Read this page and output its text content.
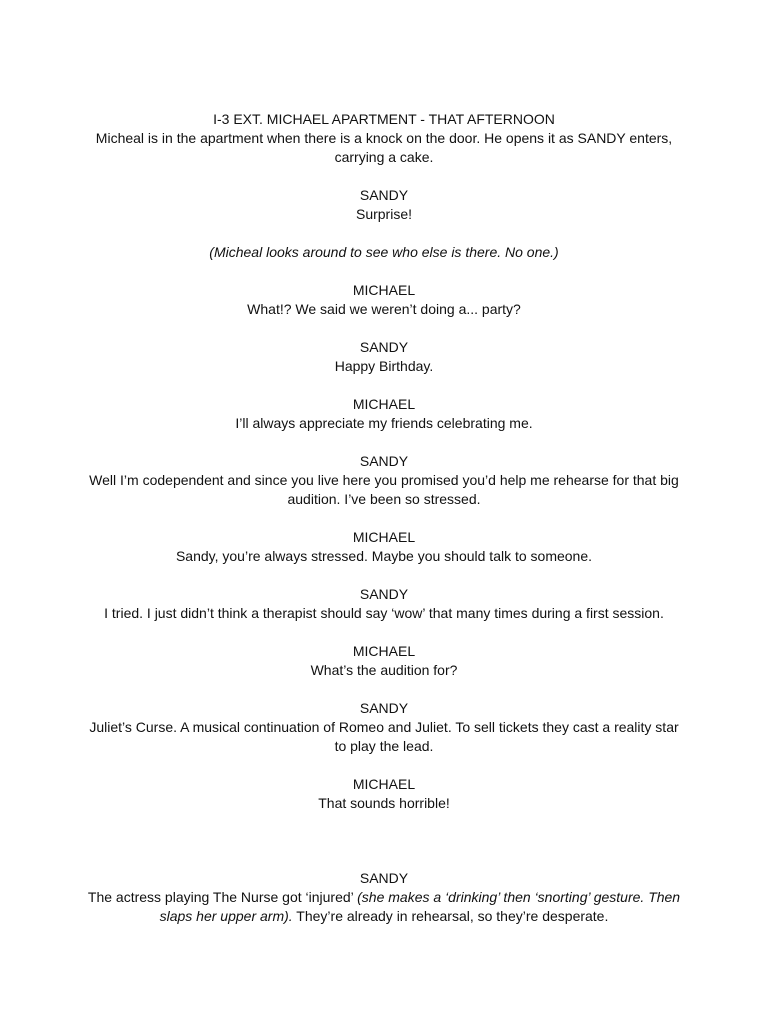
I-3 EXT. MICHAEL APARTMENT - THAT AFTERNOON

Micheal is in the apartment when there is a knock on the door. He opens it as SANDY enters, carrying a cake.

SANDY

Surprise!

(Micheal looks around to see who else is there. No one.)

MICHAEL

What!? We said we weren’t doing a... party?

SANDY

Happy Birthday.

MICHAEL

I’ll always appreciate my friends celebrating me.

SANDY

Well I’m codependent and since you live here you promised you’d help me rehearse for that big audition. I’ve been so stressed.

MICHAEL

Sandy, you’re always stressed. Maybe you should talk to someone.

SANDY

I tried. I just didn’t think a therapist should say ‘wow’ that many times during a first session.

MICHAEL

What’s the audition for?

SANDY

Juliet’s Curse. A musical continuation of Romeo and Juliet. To sell tickets they cast a reality star to play the lead.

MICHAEL

That sounds horrible!

SANDY

The actress playing The Nurse got ‘injured’ (she makes a ‘drinking’ then ‘snorting’ gesture. Then slaps her upper arm). They’re already in rehearsal, so they’re desperate.
